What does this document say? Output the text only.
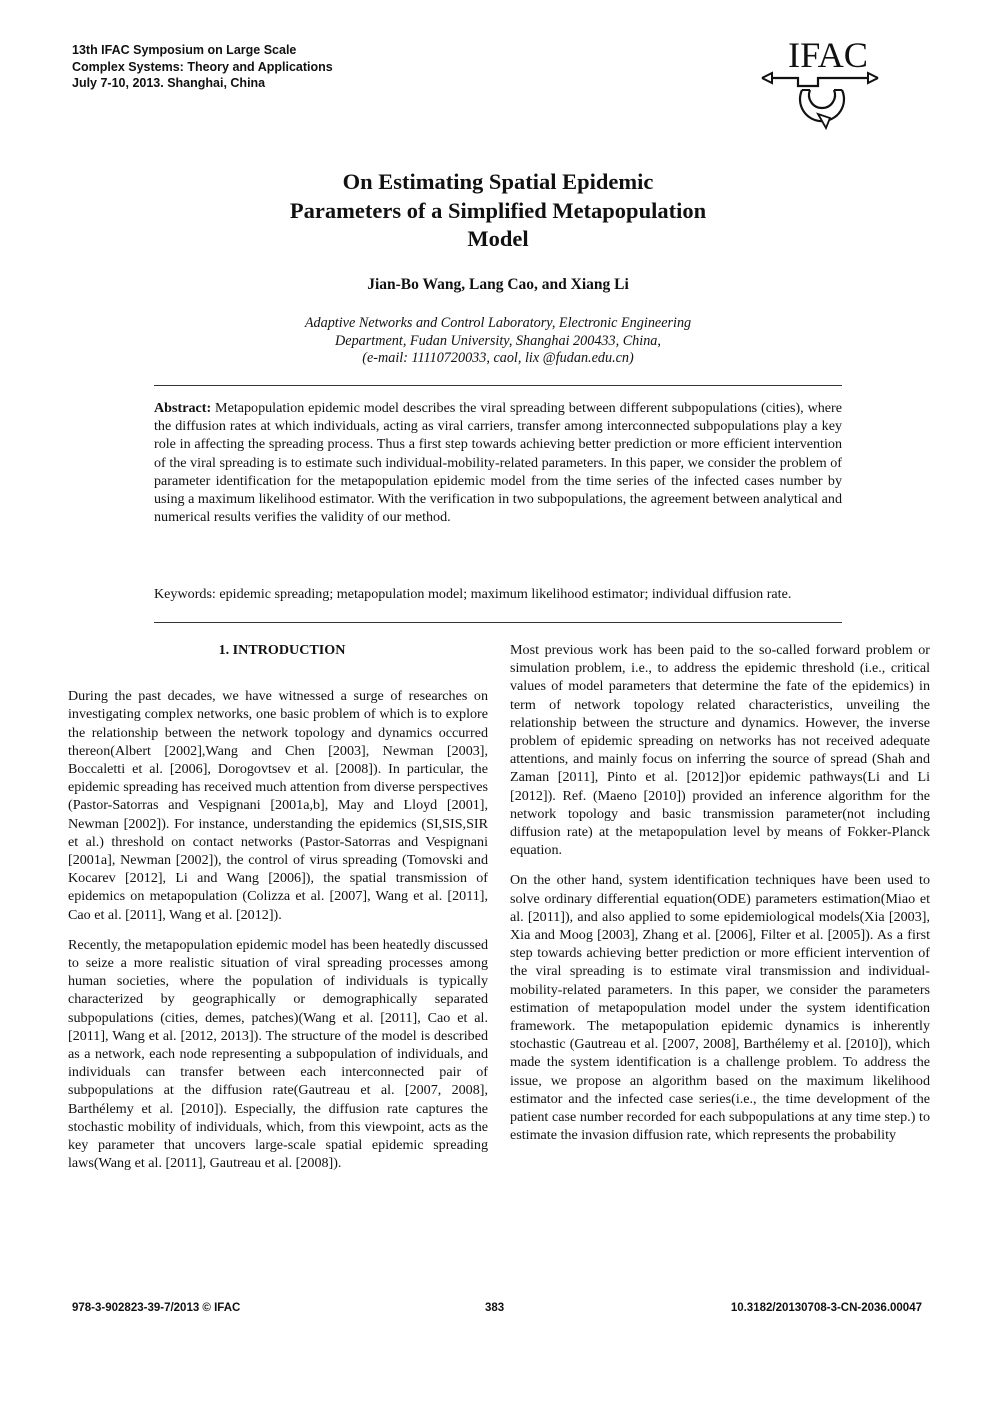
13th IFAC Symposium on Large Scale
Complex Systems: Theory and Applications
July 7-10, 2013. Shanghai, China
IFAC
On Estimating Spatial Epidemic
Parameters of a Simplified Metapopulation
Model
Jian-Bo Wang, Lang Cao, and Xiang Li
Adaptive Networks and Control Laboratory, Electronic Engineering
Department, Fudan University, Shanghai 200433, China,
(e-mail: 11110720033, caol, lix @fudan.edu.cn)

Abstract: Metapopulation epidemic model describes the viral spreading between different subpopulations (cities), where the diffusion rates at which individuals, acting as viral carriers, transfer among interconnected subpopulations play a key role in affecting the spreading process. Thus a first step towards achieving better prediction or more efficient intervention of the viral spreading is to estimate such individual-mobility-related parameters. In this paper, we consider the problem of parameter identification for the metapopulation epidemic model from the time series of the infected cases number by using a maximum likelihood estimator. With the verification in two subpopulations, the agreement between analytical and numerical results verifies the validity of our method.

Keywords: epidemic spreading; metapopulation model; maximum likelihood estimator; individual diffusion rate.

1. INTRODUCTION

During the past decades, we have witnessed a surge of researches on investigating complex networks, one basic problem of which is to explore the relationship between the network topology and dynamics occurred thereon(Albert [2002],Wang and Chen [2003], Newman [2003], Boccaletti et al. [2006], Dorogovtsev et al. [2008]). In particular, the epidemic spreading has received much attention from diverse perspectives (Pastor-Satorras and Vespignani [2001a,b], May and Lloyd [2001], Newman [2002]). For instance, understanding the epidemics (SI,SIS,SIR et al.) threshold on contact networks (Pastor-Satorras and Vespignani [2001a], Newman [2002]), the control of virus spreading (Tomovski and Kocarev [2012], Li and Wang [2006]), the spatial transmission of epidemics on metapopulation (Colizza et al. [2007], Wang et al. [2011], Cao et al. [2011], Wang et al. [2012]).

Recently, the metapopulation epidemic model has been heatedly discussed to seize a more realistic situation of viral spreading processes among human societies, where the population of individuals is typically characterized by geographically or demographically separated subpopulations (cities, demes, patches)(Wang et al. [2011], Cao et al. [2011], Wang et al. [2012, 2013]). The structure of the model is described as a network, each node representing a subpopulation of individuals, and individuals can transfer between each interconnected pair of subpopulations at the diffusion rate(Gautreau et al. [2007, 2008], Barthélemy et al. [2010]). Especially, the diffusion rate captures the stochastic mobility of individuals, which, from this viewpoint, acts as the key parameter that uncovers large-scale spatial epidemic spreading laws(Wang et al. [2011], Gautreau et al. [2008]).

Most previous work has been paid to the so-called forward problem or simulation problem, i.e., to address the epidemic threshold (i.e., critical values of model parameters that determine the fate of the epidemics) in term of network topology related characteristics, unveiling the relationship between the structure and dynamics. However, the inverse problem of epidemic spreading on networks has not received adequate attentions, and mainly focus on inferring the source of spread (Shah and Zaman [2011], Pinto et al. [2012])or epidemic pathways(Li and Li [2012]). Ref. (Maeno [2010]) provided an inference algorithm for the network topology and basic transmission parameter(not including diffusion rate) at the metapopulation level by means of Fokker-Planck equation.

On the other hand, system identification techniques have been used to solve ordinary differential equation(ODE) parameters estimation(Miao et al. [2011]), and also applied to some epidemiological models(Xia [2003], Xia and Moog [2003], Zhang et al. [2006], Filter et al. [2005]). As a first step towards achieving better prediction or more efficient intervention of the viral spreading is to estimate viral transmission and individual-mobility-related parameters. In this paper, we consider the parameters estimation of metapopulation model under the system identification framework. The metapopulation epidemic dynamics is inherently stochastic (Gautreau et al. [2007, 2008], Barthélemy et al. [2010]), which made the system identification is a challenge problem. To address the issue, we propose an algorithm based on the maximum likelihood estimator and the infected case series(i.e., the time development of the patient case number recorded for each subpopulations at any time step.) to estimate the invasion diffusion rate, which represents the probability

978-3-902823-39-7/2013 © IFAC	383	10.3182/20130708-3-CN-2036.00047
